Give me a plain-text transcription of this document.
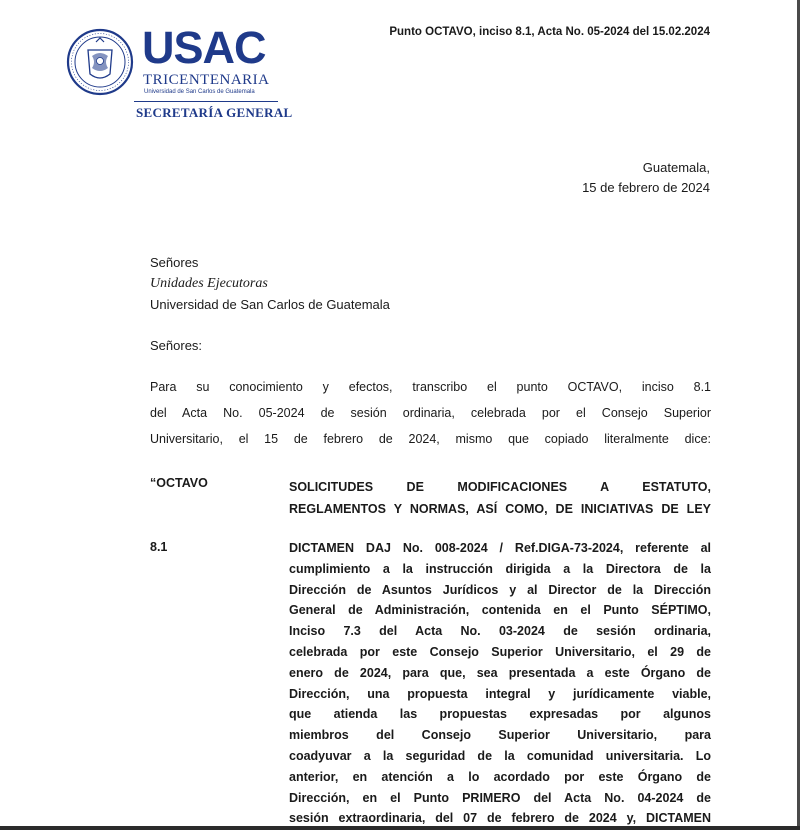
USAC
TRICENTENARIA
Universidad de San Carlos de Guatemala
SECRETARÍA GENERAL
Punto OCTAVO, inciso 8.1, Acta No. 05-2024 del 15.02.2024
Guatemala,
15 de febrero de 2024
Señores
Unidades Ejecutoras
Universidad de San Carlos de Guatemala
Señores:
Para su conocimiento y efectos, transcribo el punto OCTAVO, inciso 8.1
del Acta No. 05-2024 de sesión ordinaria, celebrada por el Consejo Superior
Universitario, el 15 de febrero de 2024, mismo que copiado literalmente dice:
“OCTAVO	SOLICITUDES DE MODIFICACIONES A ESTATUTO,
REGLAMENTOS Y NORMAS, ASÍ COMO, DE INICIATIVAS DE LEY
8.1	DICTAMEN DAJ No. 008-2024 / Ref.DIGA-73-2024, referente al
cumplimiento a la instrucción dirigida a la Directora de la
Dirección de Asuntos Jurídicos y al Director de la Dirección
General de Administración, contenida en el Punto SÉPTIMO,
Inciso 7.3 del Acta No. 03-2024 de sesión ordinaria,
celebrada por este Consejo Superior Universitario, el 29 de
enero de 2024, para que, sea presentada a este Órgano de
Dirección, una propuesta integral y jurídicamente viable,
que atienda las propuestas expresadas por algunos
miembros del Consejo Superior Universitario, para
coadyuvar a la seguridad de la comunidad universitaria. Lo
anterior, en atención a lo acordado por este Órgano de
Dirección, en el Punto PRIMERO del Acta No. 04-2024 de
sesión extraordinaria, del 07 de febrero de 2024 y, DICTAMEN
